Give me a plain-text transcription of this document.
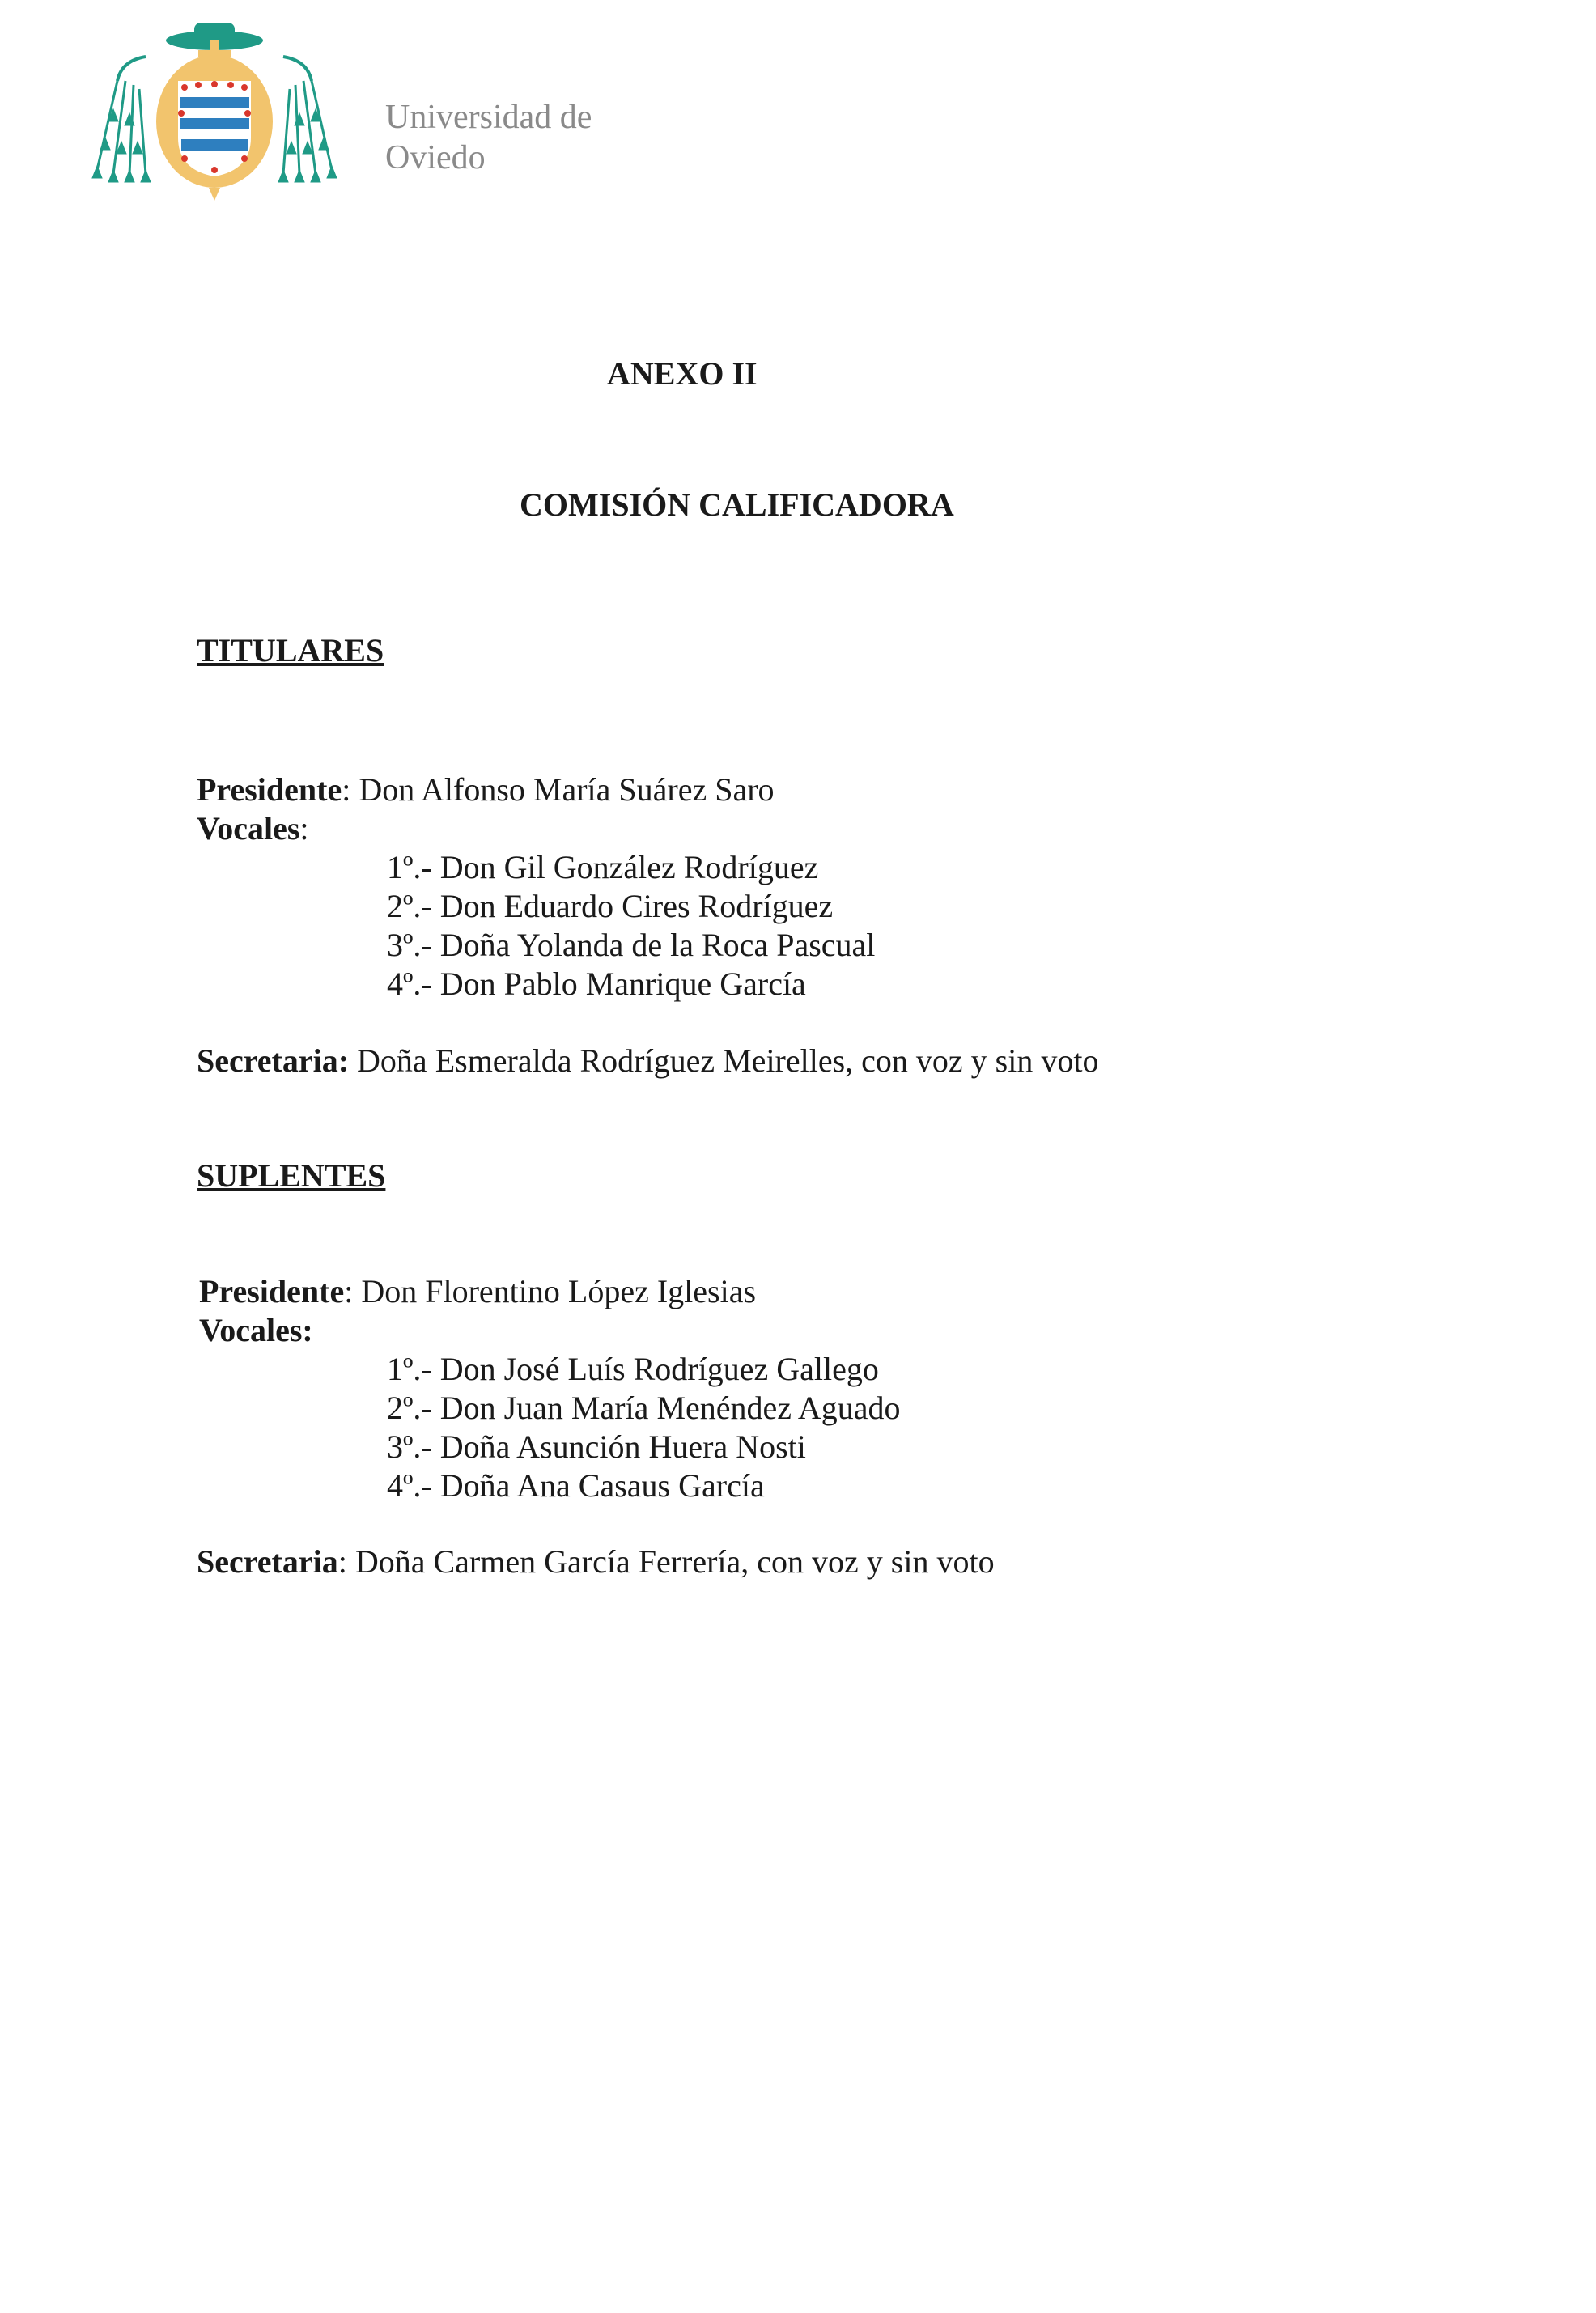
Universidad de
Oviedo
ANEXO II
COMISIÓN CALIFICADORA
TITULARES
Presidente: Don Alfonso María Suárez Saro
Vocales:
1º.- Don Gil González Rodríguez
2º.- Don Eduardo Cires Rodríguez
3º.- Doña Yolanda de la Roca Pascual
4º.- Don Pablo Manrique García
Secretaria: Doña Esmeralda Rodríguez Meirelles, con voz y sin voto
SUPLENTES
Presidente: Don Florentino López Iglesias
Vocales:
1º.- Don José Luís Rodríguez Gallego
2º.- Don Juan María Menéndez Aguado
3º.- Doña Asunción Huera Nosti
4º.- Doña Ana Casaus García
Secretaria: Doña Carmen García Ferrería, con voz y sin voto
